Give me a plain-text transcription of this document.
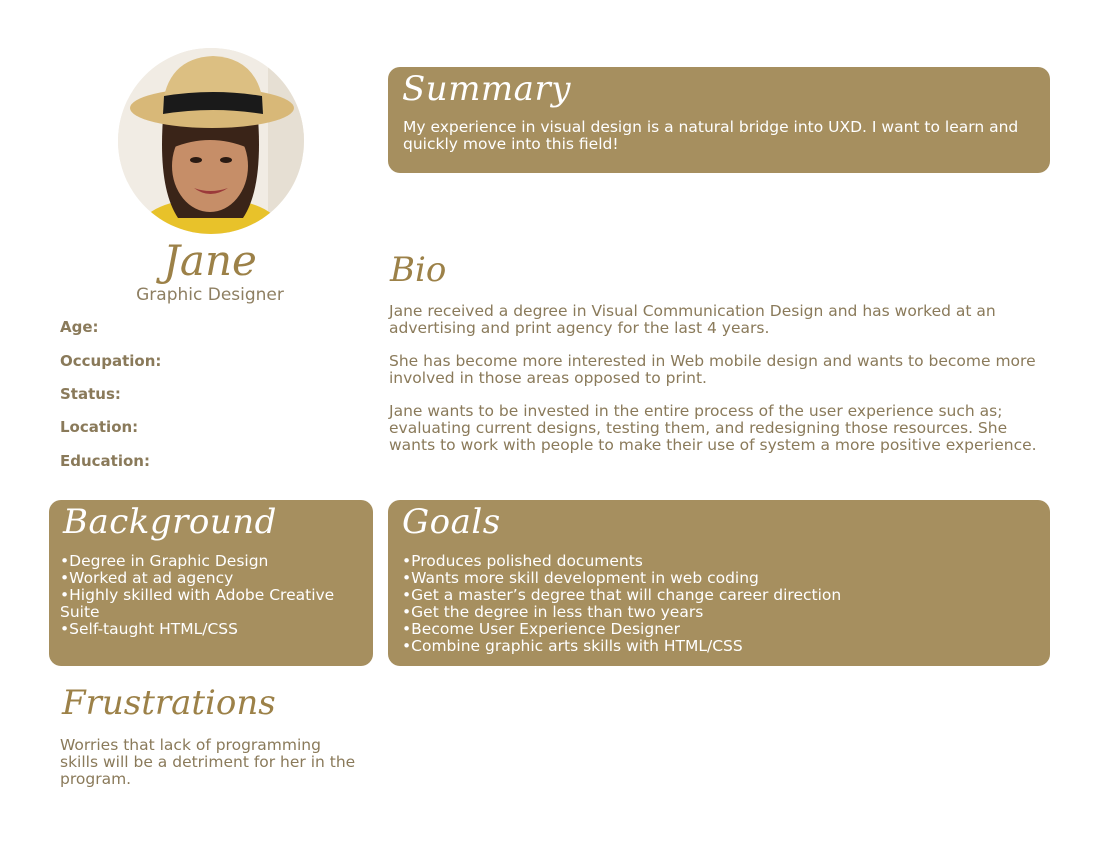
Jane
Graphic Designer
Age:
Occupation:
Status:
Location:
Education:
Summary
My experience in visual design is a natural bridge into UXD. I want to learn and quickly move into this field!
Bio

Jane received a degree in Visual Communication Design and has worked at an advertising and print agency for the last 4 years.

She has become more interested in Web mobile design and wants to become more involved in those areas opposed to print.

Jane wants to be invested in the entire process of the user experience such as; evaluating current designs, testing them, and redesigning those resources. She wants to work with people to make their use of system a more positive experience.

Background
• Degree in Graphic Design
• Worked at ad agency
• Highly skilled with Adobe Creative Suite
• Self-taught HTML/CSS
Goals
• Produces polished documents
• Wants more skill development in web coding
• Get a master’s degree that will change career direction
• Get the degree in less than two years
• Become User Experience Designer
• Combine graphic arts skills with HTML/CSS
Frustrations
Worries that lack of programming skills will be a detriment for her in the program.
